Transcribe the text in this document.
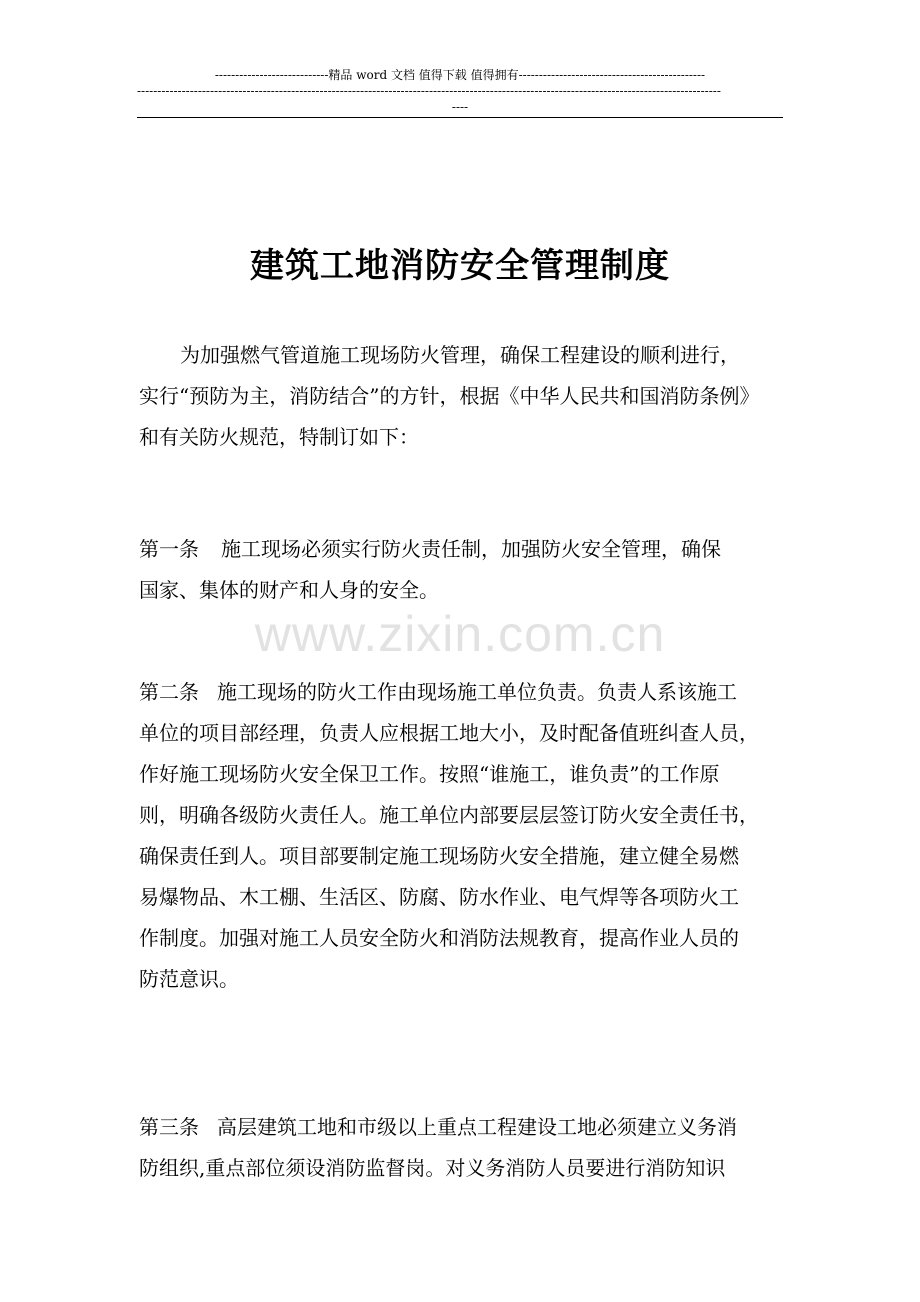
----------------------------精品 word 文档 值得下载 值得拥有----------------------------------------------
------------------------------------------------------------------------------------------------------------------------------------------------
----
建筑工地消防安全管理制度
为加强燃气管道施工现场防火管理，确保工程建设的顺利进行，
实行“预防为主，消防结合”的方针，根据《中华人民共和国消防条例》
和有关防火规范，特制订如下：
第一条 施工现场必须实行防火责任制，加强防火安全管理，确保
国家、集体的财产和人身的安全。
第二条 施工现场的防火工作由现场施工单位负责。负责人系该施工
单位的项目部经理，负责人应根据工地大小，及时配备值班纠查人员，
作好施工现场防火安全保卫工作。按照“谁施工，谁负责”的工作原
则，明确各级防火责任人。施工单位内部要层层签订防火安全责任书，
确保责任到人。项目部要制定施工现场防火安全措施，建立健全易燃
易爆物品、木工棚、生活区、防腐、防水作业、电气焊等各项防火工
作制度。加强对施工人员安全防火和消防法规教育，提高作业人员的
防范意识。
第三条 高层建筑工地和市级以上重点工程建设工地必须建立义务消
防组织,重点部位须设消防监督岗。对义务消防人员要进行消防知识
www.zixin.com.cn
